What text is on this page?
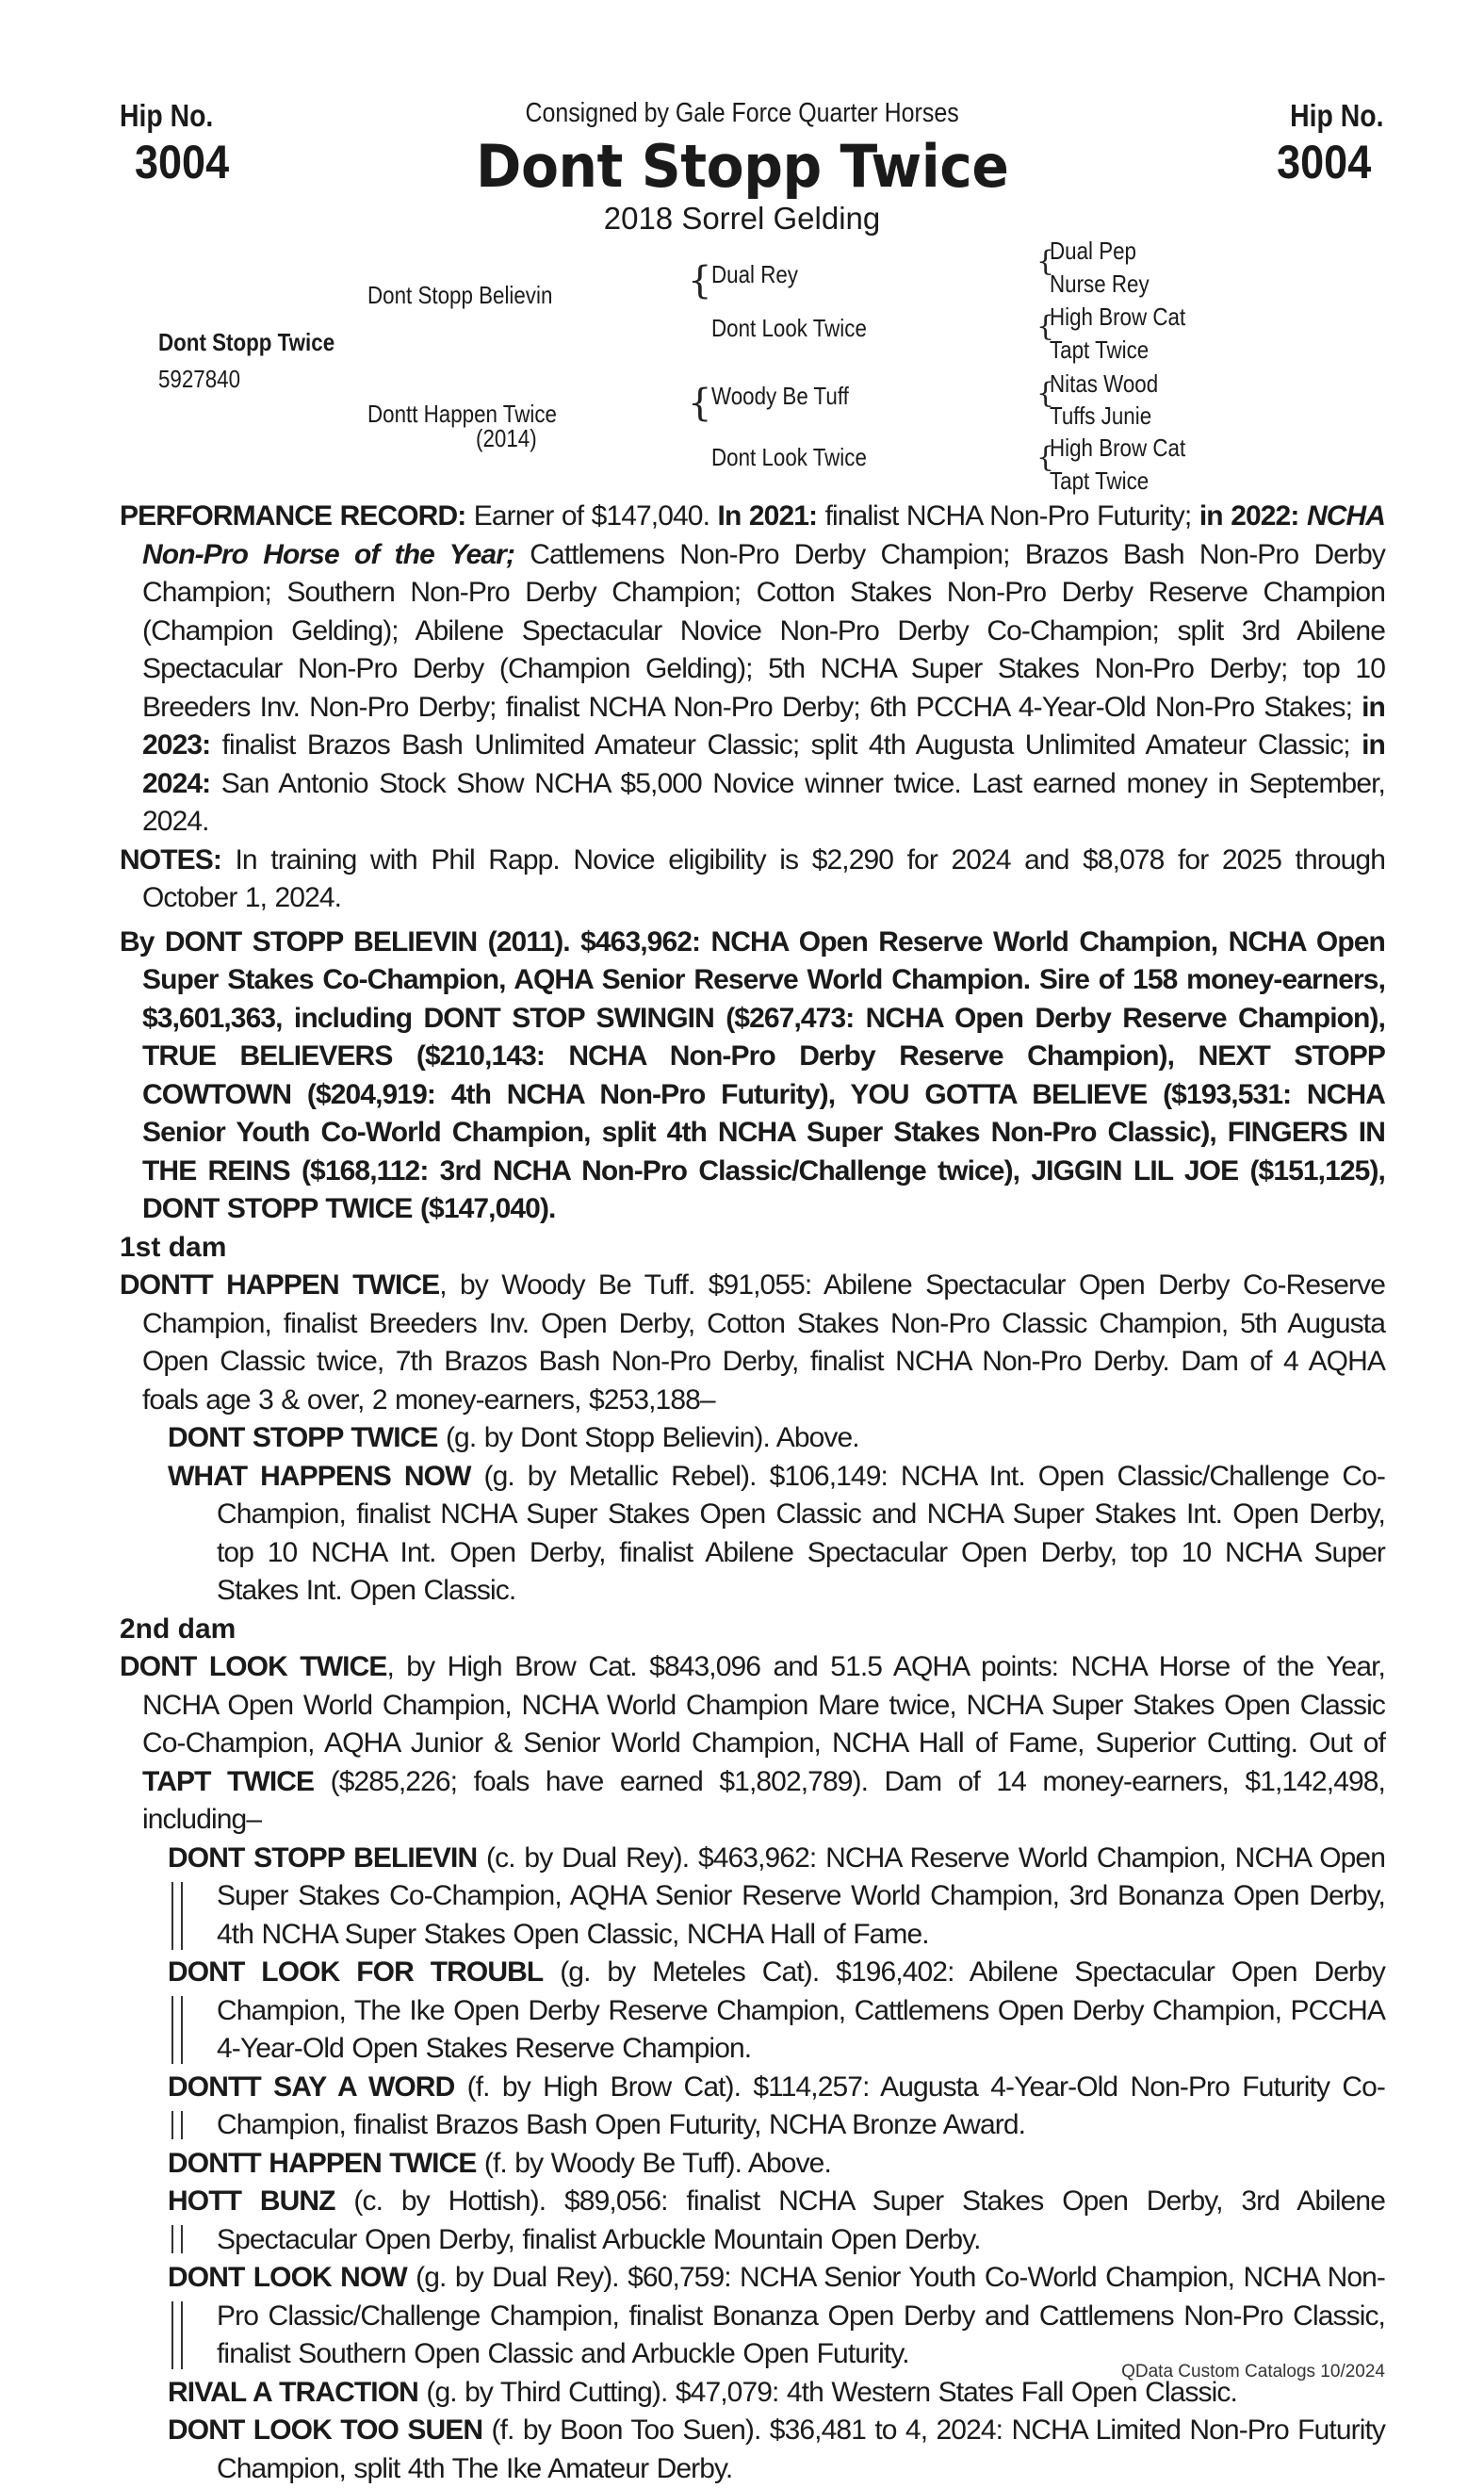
Hip No.
3004
Hip No.
3004
Consigned by Gale Force Quarter Horses
Dont Stopp Twice
2018 Sorrel Gelding
Dont Stopp Twice
5927840
Dont Stopp Believin
Dontt Happen Twice
(2014)
{ Dual Rey
Dont Look Twice
{ Woody Be Tuff
Dont Look Twice
{
Dual Pep
Nurse Rey
{
High Brow Cat
Tapt Twice
{
Nitas Wood
Tuffs Junie
{
High Brow Cat
Tapt Twice
PERFORMANCE RECORD: Earner of $147,040. In 2021: finalist NCHA Non-Pro Futurity; in 2022: NCHA Non-Pro Horse of the Year; Cattlemens Non-Pro Derby Champion; Brazos Bash Non-Pro Derby Champion; Southern Non-Pro Derby Champion; Cotton Stakes Non-Pro Derby Reserve Champion (Champion Gelding); Abilene Spectacular Novice Non-Pro Derby Co-Champion; split 3rd Abilene Spectacular Non-Pro Derby (Champion Gelding); 5th NCHA Super Stakes Non-Pro Derby; top 10 Breeders Inv. Non-Pro Derby; finalist NCHA Non-Pro Derby; 6th PCCHA 4-Year-Old Non-Pro Stakes; in 2023: finalist Brazos Bash Unlimited Amateur Classic; split 4th Augusta Unlimited Amateur Classic; in 2024: San Antonio Stock Show NCHA $5,000 Novice winner twice. Last earned money in September, 2024.
NOTES: In training with Phil Rapp. Novice eligibility is $2,290 for 2024 and $8,078 for 2025 through October 1, 2024.
By DONT STOPP BELIEVIN (2011). $463,962: NCHA Open Reserve World Champion, NCHA Open Super Stakes Co-Champion, AQHA Senior Reserve World Champion. Sire of 158 money-earners, $3,601,363, including DONT STOP SWINGIN ($267,473: NCHA Open Derby Reserve Champion), TRUE BELIEVERS ($210,143: NCHA Non-Pro Derby Reserve Champion), NEXT STOPP COWTOWN ($204,919: 4th NCHA Non-Pro Futurity), YOU GOTTA BELIEVE ($193,531: NCHA Senior Youth Co-World Champion, split 4th NCHA Super Stakes Non-Pro Classic), FINGERS IN THE REINS ($168,112: 3rd NCHA Non-Pro Classic/Challenge twice), JIGGIN LIL JOE ($151,125), DONT STOPP TWICE ($147,040).
1st dam
DONTT HAPPEN TWICE, by Woody Be Tuff. $91,055: Abilene Spectacular Open Derby Co-Reserve Champion, finalist Breeders Inv. Open Derby, Cotton Stakes Non-Pro Classic Champion, 5th Augusta Open Classic twice, 7th Brazos Bash Non-Pro Derby, finalist NCHA Non-Pro Derby. Dam of 4 AQHA foals age 3 & over, 2 money-earners, $253,188–
DONT STOPP TWICE (g. by Dont Stopp Believin). Above.
WHAT HAPPENS NOW (g. by Metallic Rebel). $106,149: NCHA Int. Open Classic/Challenge Co-Champion, finalist NCHA Super Stakes Open Classic and NCHA Super Stakes Int. Open Derby, top 10 NCHA Int. Open Derby, finalist Abilene Spectacular Open Derby, top 10 NCHA Super Stakes Int. Open Classic.
2nd dam
DONT LOOK TWICE, by High Brow Cat. $843,096 and 51.5 AQHA points: NCHA Horse of the Year, NCHA Open World Champion, NCHA World Champion Mare twice, NCHA Super Stakes Open Classic Co-Champion, AQHA Junior & Senior World Champion, NCHA Hall of Fame, Superior Cutting. Out of TAPT TWICE ($285,226; foals have earned $1,802,789). Dam of 14 money-earners, $1,142,498, including–
DONT STOPP BELIEVIN (c. by Dual Rey). $463,962: NCHA Reserve World Champion, NCHA Open Super Stakes Co-Champion, AQHA Senior Reserve World Champion, 3rd Bonanza Open Derby, 4th NCHA Super Stakes Open Classic, NCHA Hall of Fame.
DONT LOOK FOR TROUBL (g. by Meteles Cat). $196,402: Abilene Spectacular Open Derby Champion, The Ike Open Derby Reserve Champion, Cattlemens Open Derby Champion, PCCHA 4-Year-Old Open Stakes Reserve Champion.
DONTT SAY A WORD (f. by High Brow Cat). $114,257: Augusta 4-Year-Old Non-Pro Futurity Co-Champion, finalist Brazos Bash Open Futurity, NCHA Bronze Award.
DONTT HAPPEN TWICE (f. by Woody Be Tuff). Above.
HOTT BUNZ (c. by Hottish). $89,056: finalist NCHA Super Stakes Open Derby, 3rd Abilene Spectacular Open Derby, finalist Arbuckle Mountain Open Derby.
DONT LOOK NOW (g. by Dual Rey). $60,759: NCHA Senior Youth Co-World Champion, NCHA Non-Pro Classic/Challenge Champion, finalist Bonanza Open Derby and Cattlemens Non-Pro Classic, finalist Southern Open Classic and Arbuckle Open Futurity.
RIVAL A TRACTION (g. by Third Cutting). $47,079: 4th Western States Fall Open Classic.
DONT LOOK TOO SUEN (f. by Boon Too Suen). $36,481 to 4, 2024: NCHA Limited Non-Pro Futurity Champion, split 4th The Ike Amateur Derby.
QData Custom Catalogs 10/2024
